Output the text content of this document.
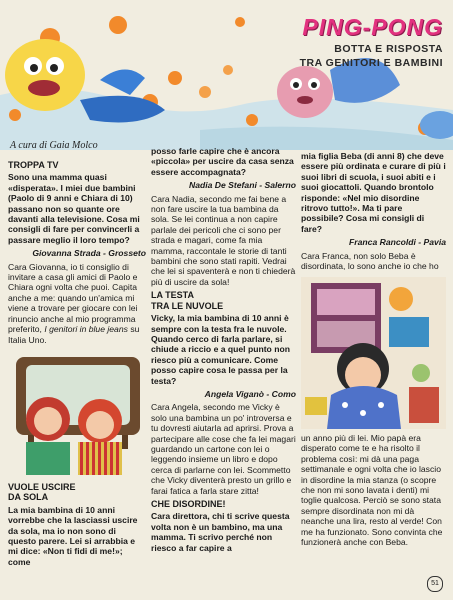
PING-PONG
BOTTA E RISPOSTA
TRA GENITORI E BAMBINI
A cura di Gaia Molco
TROPPA TV

Sono una mamma quasi «disperata». I miei due bambini (Paolo di 9 anni e Chiara di 10) passano non so quante ore davanti alla televisione. Cosa mi consigli di fare per convincerli a passare meglio il loro tempo?

Giovanna Strada - Grosseto

Cara Giovanna, io ti consiglio di invitare a casa gli amici di Paolo e Chiara ogni volta che puoi. Capita anche a me: quando un'amica mi viene a trovare per giocare con lei rinuncio anche al mio programma preferito, I genitori in blue jeans su Italia Uno.

VUOLE USCIRE
DA SOLA

La mia bambina di 10 anni vorrebbe che la lasciassi uscire da sola, ma io non sono di questo parere. Lei si arrabbia e mi dice: «Non ti fidi di me!»; come

posso farle capire che è ancora «piccola» per uscire da casa senza essere accompagnata?

Nadia De Stefani - Salerno

Cara Nadia, secondo me fai bene a non fare uscire la tua bambina da sola. Se lei continua a non capire parlale dei pericoli che ci sono per strada e magari, come fa mia mamma, raccontale le storie di tanti bambini che sono stati rapiti. Vedrai che lei si spaventerà e non ti chiederà più di uscire da sola!

LA TESTA
TRA LE NUVOLE

Vicky, la mia bambina di 10 anni è sempre con la testa fra le nuvole. Quando cerco di farla parlare, si chiude a riccio e a quel punto non riesco più a comunicare. Come posso capire cosa le passa per la testa?

Angela Viganò - Como

Cara Angela, secondo me Vicky è solo una bambina un po' introversa e tu dovresti aiutarla ad aprirsi. Prova a partecipare alle cose che fa lei magari guardando un cartone con lei o leggendo insieme un libro e dopo cerca di parlarne con lei. Scommetto che Vicky diventerà presto un grillo e farai fatica a farla stare zitta!

CHE DISORDINE!

Cara direttora, chi ti scrive questa volta non è un bambino, ma una mamma. Ti scrivo perché non riesco a far capire a

mia figlia Beba (di anni 8) che deve essere più ordinata e curare di più i suoi libri di scuola, i suoi abiti e i suoi giocattoli. Quando brontolo risponde: «Nel mio disordine ritrovo tutto!». Ma ti pare possibile? Cosa mi consigli di fare?

Franca Rancoldi - Pavia

Cara Franca, non solo Beba è disordinata, lo sono anche io che ho

un anno più di lei. Mio papà era disperato come te e ha risolto il problema così: mi dà una paga settimanale e ogni volta che io lascio in disordine la mia stanza (o scopre che non mi sono lavata i denti) mi toglie qualcosa. Perciò se sono stata sempre disordinata non mi dà neanche una lira, resto al verde! Con me ha funzionato. Sono convinta che funzionerà anche con Beba.

51
